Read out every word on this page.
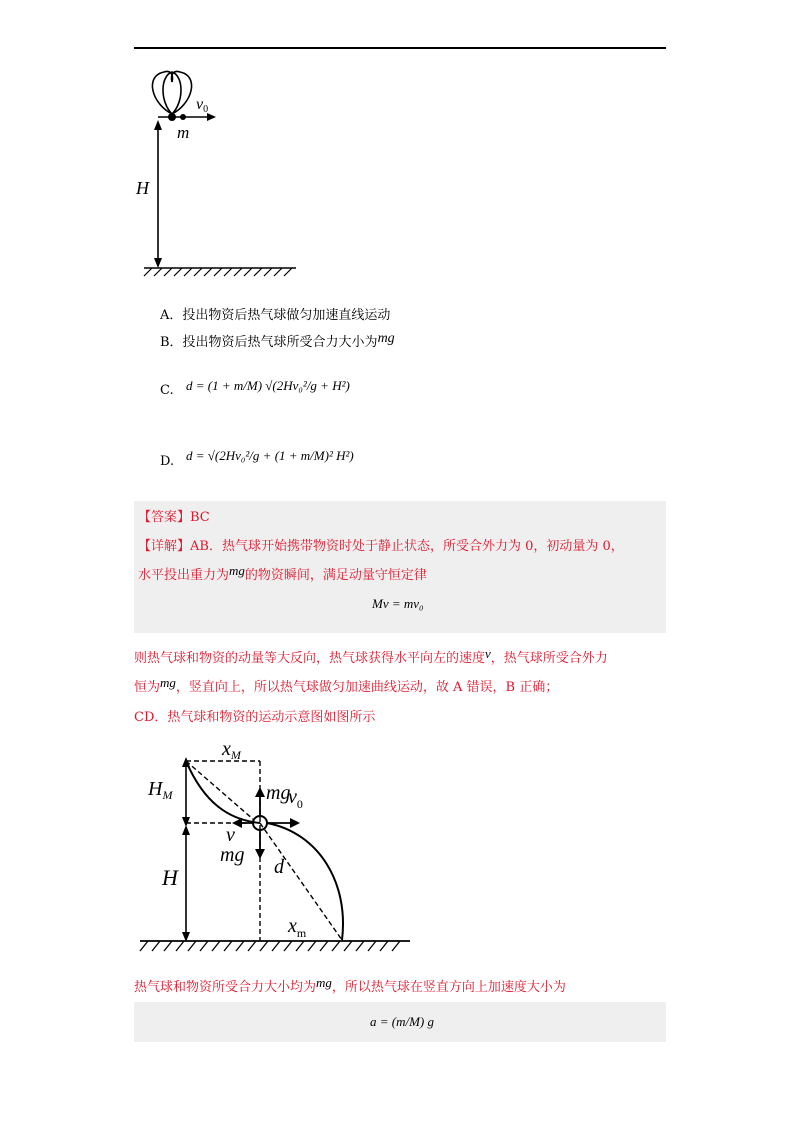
v0
m
H
A．投出物资后热气球做匀加速直线运动
B．投出物资后热气球所受合力大小为mg
C. d = (1 + m/M) √(2Hv₀²/g + H²)
D. d = √(2Hv₀²/g + (1 + m/M)² H²)
【答案】BC
【详解】AB．热气球开始携带物资时处于静止状态，所受合外力为 0，初动量为 0，
水平投出重力为mg的物资瞬间，满足动量守恒定律
Mv = mv₀
则热气球和物资的动量等大反向，热气球获得水平向左的速度v，热气球所受合外力
恒为mg，竖直向上，所以热气球做匀加速曲线运动，故 A 错误，B 正确；
CD．热气球和物资的运动示意图如图所示
$x_M$
$H_M$
H
mg
$v_0$
v
mg
d
$x_m$
热气球和物资所受合力大小均为mg，所以热气球在竖直方向上加速度大小为
a = (m/M) g
